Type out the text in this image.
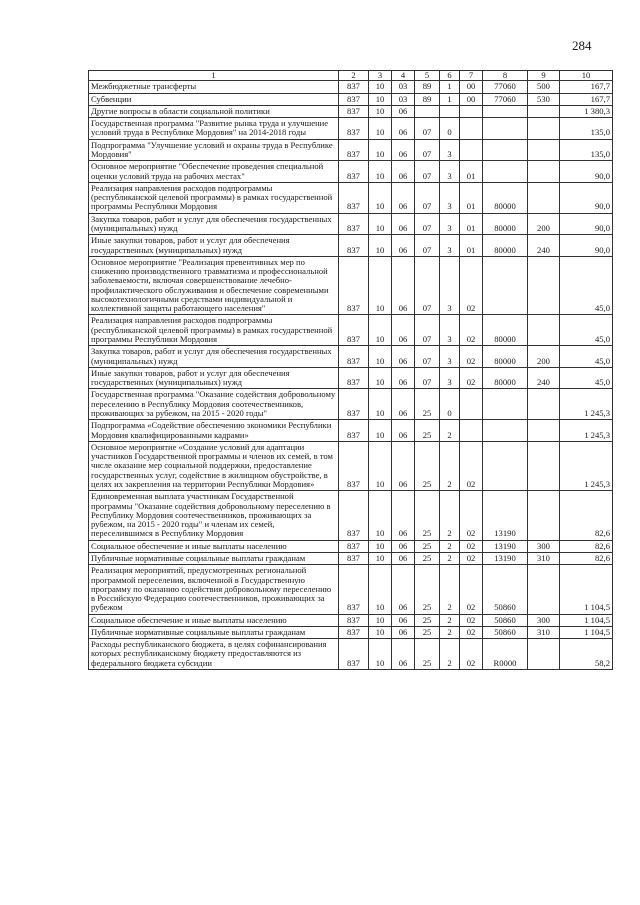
284
1	2	3	4	5	6	7	8	9	10
Межбюджетные трансферты	837	10	03	89	1	00	77060	500	167,7
Субвенции	837	10	03	89	1	00	77060	530	167,7
Другие вопросы в области социальной политики	837	10	06						1 380,3
Государственная программа "Развитие рынка труда и улучшение условий труда в Республике Мордовия" на 2014-2018 годы	837	10	06	07	0				135,0
Подпрограмма "Улучшение условий и охраны труда в Республике Мордовия"	837	10	06	07	3				135,0
Основное мероприятие "Обеспечение проведения специальной оценки условий труда на рабочих местах"	837	10	06	07	3	01			90,0
Реализация направления расходов подпрограммы (республиканской целевой программы) в рамках государственной программы Республики Мордовия	837	10	06	07	3	01	80000		90,0
Закупка товаров, работ и услуг для обеспечения государственных (муниципальных) нужд	837	10	06	07	3	01	80000	200	90,0
Иные закупки товаров, работ и услуг для обеспечения государственных (муниципальных) нужд	837	10	06	07	3	01	80000	240	90,0
Основное мероприятие "Реализация превентивных мер по снижению производственного травматизма и профессиональной заболеваемости, включая совершенствование лечебно-профилактического обслуживания и обеспечение современными высокотехнологичными средствами индивидуальной и коллективной защиты работающего населения"	837	10	06	07	3	02			45,0
Реализация направления расходов подпрограммы (республиканской целевой программы) в рамках государственной программы Республики Мордовия	837	10	06	07	3	02	80000		45,0
Закупка товаров, работ и услуг для обеспечения государственных (муниципальных) нужд	837	10	06	07	3	02	80000	200	45,0
Иные закупки товаров, работ и услуг для обеспечения государственных (муниципальных) нужд	837	10	06	07	3	02	80000	240	45,0
Государственная программа "Оказание содействия добровольному переселению в Республику Мордовия соотечественников, проживающих за рубежом, на 2015 - 2020 годы"	837	10	06	25	0				1 245,3
Подпрограмма «Содействие обеспечению экономики Республики Мордовия квалифицированными кадрами»	837	10	06	25	2				1 245,3
Основное мероприятие «Создание условий для адаптации участников Государственной программы и членов их семей, в том числе оказание мер социальной поддержки, предоставление государственных услуг, содействие в жилищном обустройстве, в целях их закрепления на территории Республики Мордовия»	837	10	06	25	2	02			1 245,3
Единовременная выплата участникам Государственной программы "Оказание содействия добровольному переселению в Республику Мордовия соотечественников, проживающих за рубежом, на 2015 - 2020 годы" и членам их семей, переселившимся в Республику Мордовия	837	10	06	25	2	02	13190		82,6
Социальное обеспечение и иные выплаты населению	837	10	06	25	2	02	13190	300	82,6
Публичные нормативные социальные выплаты гражданам	837	10	06	25	2	02	13190	310	82,6
Реализация мероприятий, предусмотренных региональной программой переселения, включенной в Государственную программу по оказанию содействия добровольному переселению в Российскую Федерацию соотечественников, проживающих за рубежом	837	10	06	25	2	02	50860		1 104,5
Социальное обеспечение и иные выплаты населению	837	10	06	25	2	02	50860	300	1 104,5
Публичные нормативные социальные выплаты гражданам	837	10	06	25	2	02	50860	310	1 104,5
Расходы республиканского бюджета, в целях софинансирования которых республиканскому бюджету предоставляются из федерального бюджета субсидии	837	10	06	25	2	02	R0000		58,2
